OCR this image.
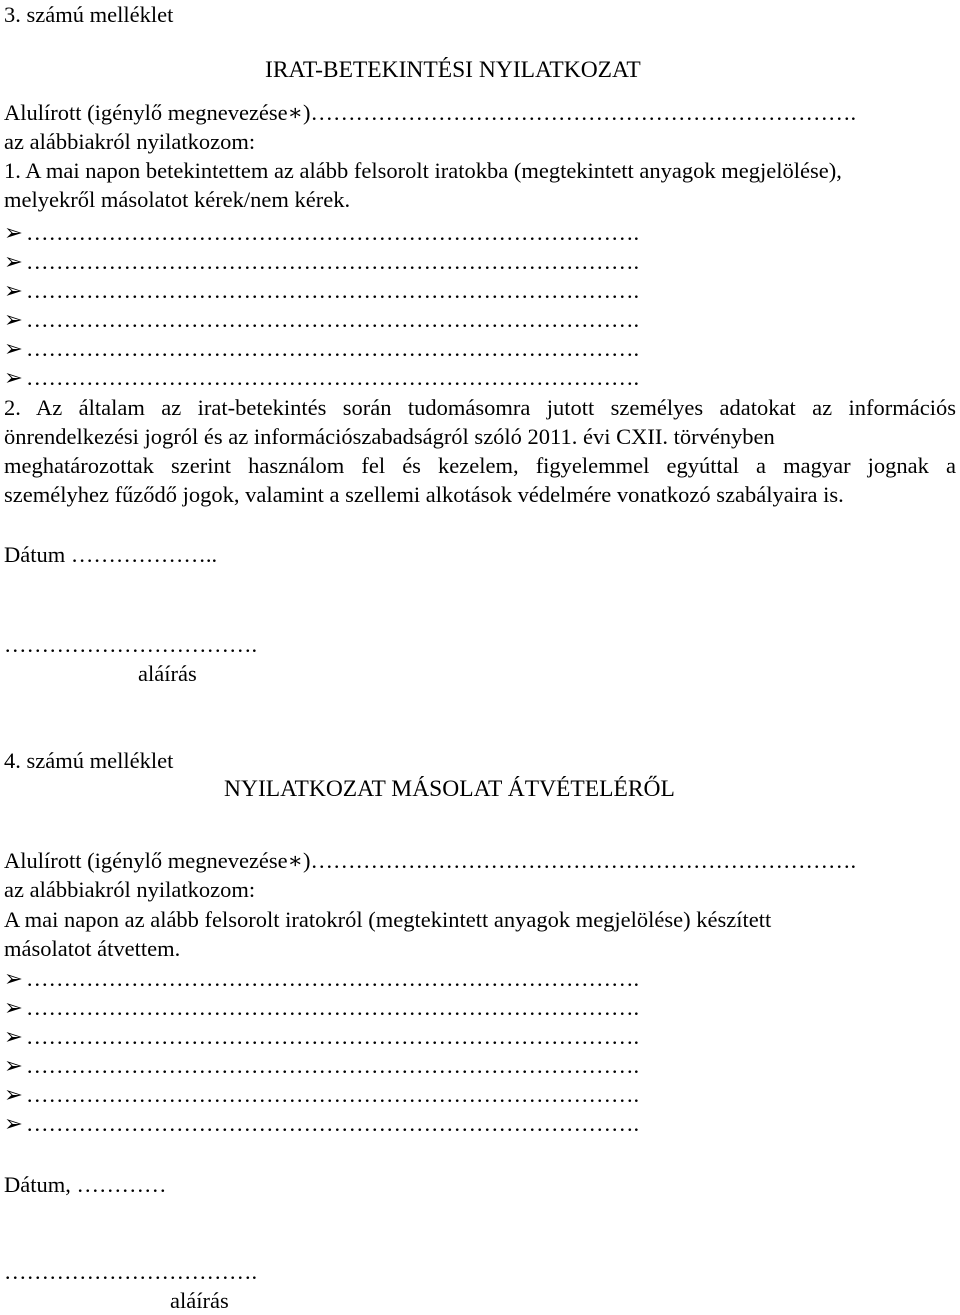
3. számú melléklet
IRAT-BETEKINTÉSI NYILATKOZAT
Alulírott (igénylő megnevezése∗)……………………………………………………………….
az alábbiakról nyilatkozom:
1. A mai napon betekintettem az alább felsorolt iratokba (megtekintett anyagok megjelölése),
melyekről másolatot kérek/nem kérek.
➢ ……………………………………………………………………….
➢ ……………………………………………………………………….
➢ ……………………………………………………………………….
➢ ……………………………………………………………………….
➢ ……………………………………………………………………….
➢ ……………………………………………………………………….
2. Az általam az irat-betekintés során tudomásomra jutott személyes adatokat az információs
önrendelkezési jogról és az információszabadságról szóló 2011. évi CXII. törvényben
meghatározottak szerint használom fel és kezelem, figyelemmel egyúttal a magyar jognak a
személyhez fűződő jogok, valamint a szellemi alkotások védelmére vonatkozó szabályaira is.
Dátum ………………..
…………………………….
aláírás
4. számú melléklet
NYILATKOZAT MÁSOLAT ÁTVÉTELÉRŐL
Alulírott (igénylő megnevezése∗)……………………………………………………………….
az alábbiakról nyilatkozom:
A mai napon az alább felsorolt iratokról (megtekintett anyagok megjelölése) készített
másolatot átvettem.
➢ ……………………………………………………………………….
➢ ……………………………………………………………………….
➢ ……………………………………………………………………….
➢ ……………………………………………………………………….
➢ ……………………………………………………………………….
➢ ……………………………………………………………………….
Dátum, …………
…………………………….
aláírás
